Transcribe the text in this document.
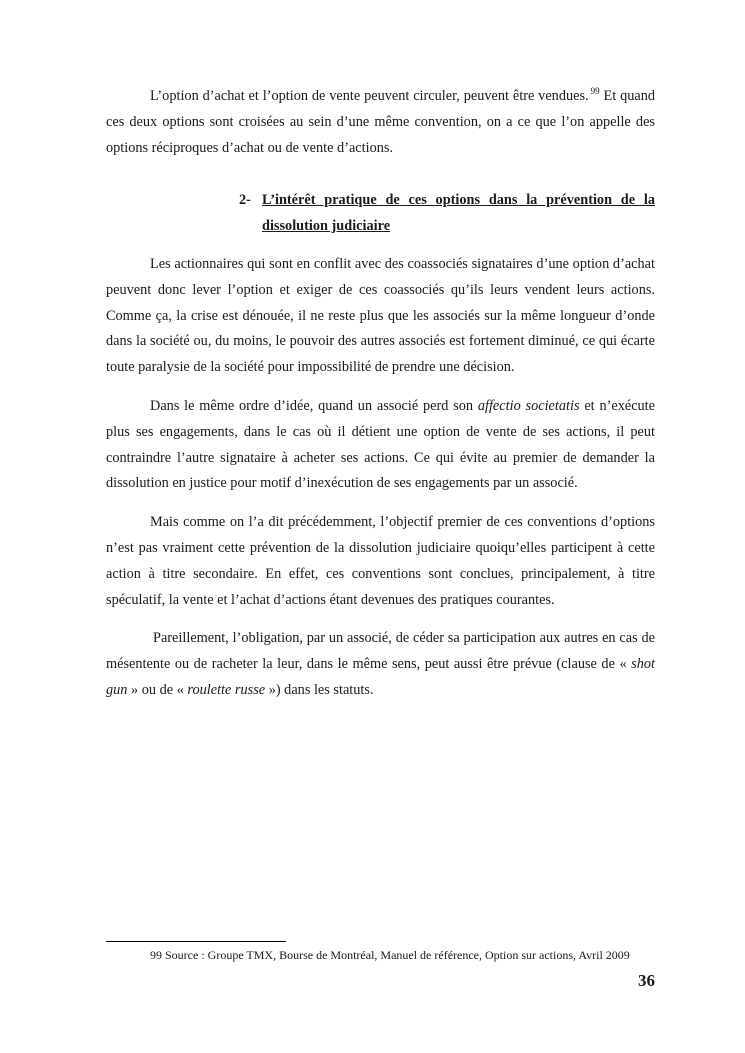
L’option d’achat et l’option de vente peuvent circuler, peuvent être vendues. $^{99}$ Et quand ces deux options sont croisées au sein d’une même convention, on a ce que l’on appelle des options réciproques d’achat ou de vente d’actions.

2- L’intérêt pratique de ces options dans la prévention de la dissolution judiciaire

Les actionnaires qui sont en conflit avec des coassociés signataires d’une option d’achat peuvent donc lever l’option et exiger de ces coassociés qu’ils leurs vendent leurs actions. Comme ça, la crise est dénouée, il ne reste plus que les associés sur la même longueur d’onde dans la société ou, du moins, le pouvoir des autres associés est fortement diminué, ce qui écarte toute paralysie de la société pour impossibilité de prendre une décision.

Dans le même ordre d’idée, quand un associé perd son affectio societatis et n’exécute plus ses engagements, dans le cas où il détient une option de vente de ses actions, il peut contraindre l’autre signataire à acheter ses actions. Ce qui évite au premier de demander la dissolution en justice pour motif d’inexécution de ses engagements par un associé.

Mais comme on l’a dit précédemment, l’objectif premier de ces conventions d’options n’est pas vraiment cette prévention de la dissolution judiciaire quoiqu’elles participent à cette action à titre secondaire. En effet, ces conventions sont conclues, principalement, à titre spéculatif, la vente et l’achat d’actions étant devenues des pratiques courantes.

Pareillement, l’obligation, par un associé, de céder sa participation aux autres en cas de mésentente ou de racheter la leur, dans le même sens, peut aussi être prévue (clause de « shot gun » ou de « roulette russe ») dans les statuts.

99 Source : Groupe TMX, Bourse de Montréal, Manuel de référence, Option sur actions, Avril 2009
36
